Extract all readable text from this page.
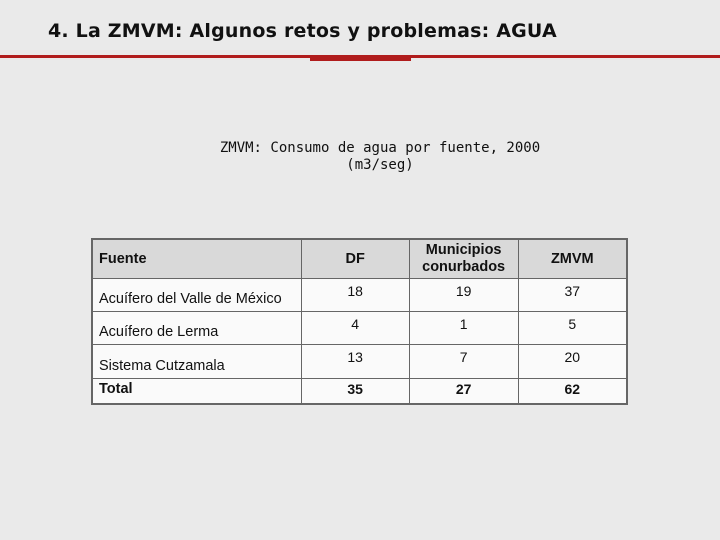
4. La ZMVM: Algunos retos y problemas: AGUA
ZMVM: Consumo de agua por fuente, 2000
(m3/seg)
Fuente	DF	Municipios conurbados	ZMVM
Acuífero del Valle de México	18	19	37
Acuífero de Lerma	4	1	5
Sistema Cutzamala	13	7	20
Total	35	27	62
